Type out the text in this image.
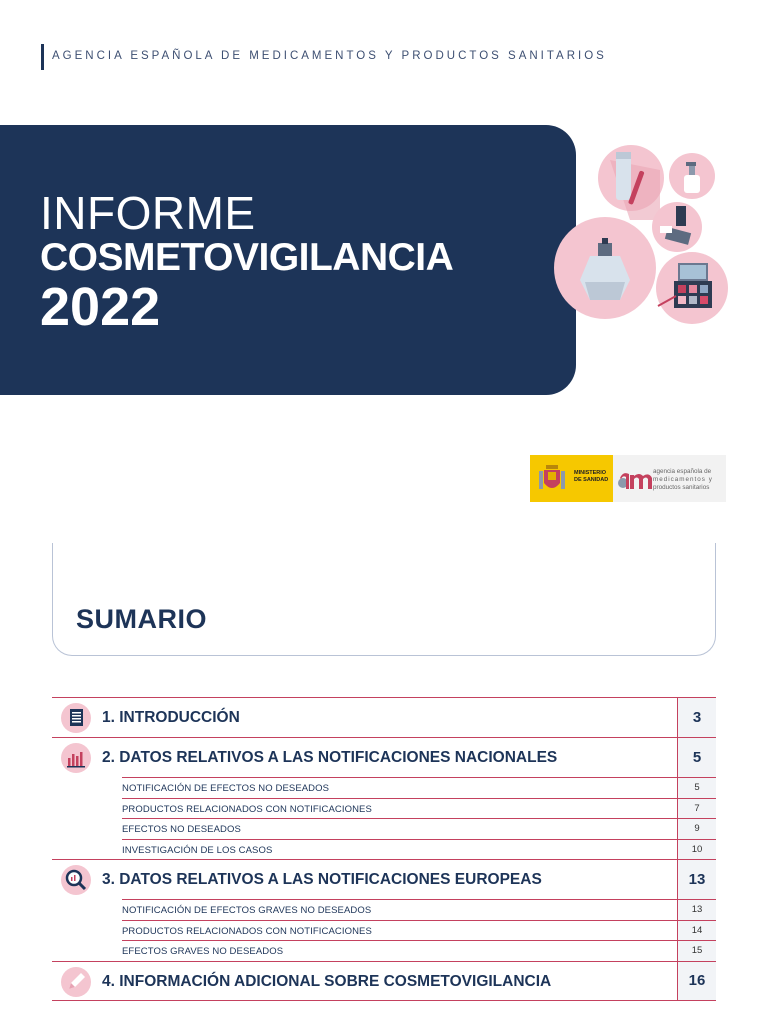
AGENCIA ESPAÑOLA DE MEDICAMENTOS Y PRODUCTOS SANITARIOS
INFORME
COSMETOVIGILANCIA
2022
MINISTERIO
DE SANIDAD
agencia española de
medicamentos y
productos sanitarios
SUMARIO
1. INTRODUCCIÓN	3
2. DATOS RELATIVOS A LAS NOTIFICACIONES NACIONALES	5
NOTIFICACIÓN DE EFECTOS NO DESEADOS	5
PRODUCTOS RELACIONADOS CON NOTIFICACIONES	7
EFECTOS NO DESEADOS	9
INVESTIGACIÓN DE LOS CASOS	10
3. DATOS RELATIVOS A LAS NOTIFICACIONES EUROPEAS	13
NOTIFICACIÓN DE EFECTOS GRAVES NO DESEADOS	13
PRODUCTOS RELACIONADOS CON NOTIFICACIONES	14
EFECTOS GRAVES NO DESEADOS	15
4. INFORMACIÓN ADICIONAL SOBRE COSMETOVIGILANCIA	16
